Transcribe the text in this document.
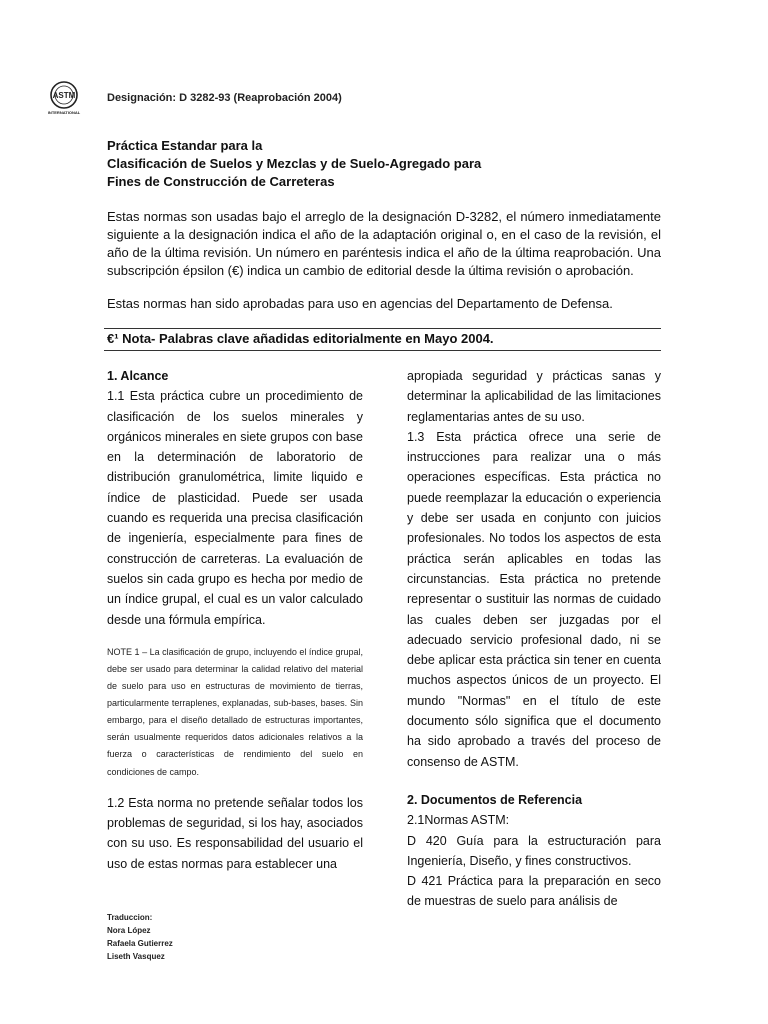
ASTM
INTERNATIONAL
Designación: D 3282-93 (Reaprobación 2004)
Práctica Estandar para la
Clasificación de Suelos y Mezclas y de Suelo-Agregado para
Fines de Construcción de Carreteras
Estas normas son usadas bajo el arreglo de la designación D-3282, el número inmediatamente siguiente a la designación indica el año de la adaptación original o, en el caso de la revisión, el año de la última revisión. Un número en paréntesis indica el año de la última reaprobación. Una subscripción épsilon (€) indica un cambio de editorial desde la última revisión o aprobación.
Estas normas han sido aprobadas para uso en agencias del Departamento de Defensa.
€¹ Nota- Palabras clave añadidas editorialmente en Mayo 2004.

1. Alcance

1.1 Esta práctica cubre un procedimiento de clasificación de los suelos minerales y orgánicos minerales en siete grupos con base en la determinación de laboratorio de distribución granulométrica, limite liquido e índice de plasticidad. Puede ser usada cuando es requerida una precisa clasificación de ingeniería, especialmente para fines de construcción de carreteras. La evaluación de suelos sin cada grupo es hecha por medio de un índice grupal, el cual es un valor calculado desde una fórmula empírica.

NOTE 1 – La clasificación de grupo, incluyendo el índice grupal, debe ser usado para determinar la calidad relativo del material de suelo para uso en estructuras de movimiento de tierras, particularmente terraplenes, explanadas, sub-bases, bases. Sin embargo, para el diseño detallado de estructuras importantes, serán usualmente requeridos datos adicionales relativos a la fuerza o características de rendimiento del suelo en condiciones de campo.

1.2 Esta norma no pretende señalar todos los problemas de seguridad, si los hay, asociados con su uso. Es responsabilidad del usuario el uso de estas normas para establecer una

apropiada seguridad y prácticas sanas y determinar la aplicabilidad de las limitaciones reglamentarias antes de su uso.

1.3 Esta práctica ofrece una serie de instrucciones para realizar una o más operaciones específicas. Esta práctica no puede reemplazar la educación o experiencia y debe ser usada en conjunto con juicios profesionales. No todos los aspectos de esta práctica serán aplicables en todas las circunstancias. Esta práctica no pretende representar o sustituir las normas de cuidado las cuales deben ser juzgadas por el adecuado servicio profesional dado, ni se debe aplicar esta práctica sin tener en cuenta muchos aspectos únicos de un proyecto. El mundo "Normas" en el título de este documento sólo significa que el documento ha sido aprobado a través del proceso de consenso de ASTM.

2. Documentos de Referencia

2.1Normas ASTM:

D 420 Guía para la estructuración para Ingeniería, Diseño, y fines constructivos.

D 421 Práctica para la preparación en seco de muestras de suelo para análisis de

Traduccion:
Nora López
Rafaela Gutierrez
Liseth Vasquez
